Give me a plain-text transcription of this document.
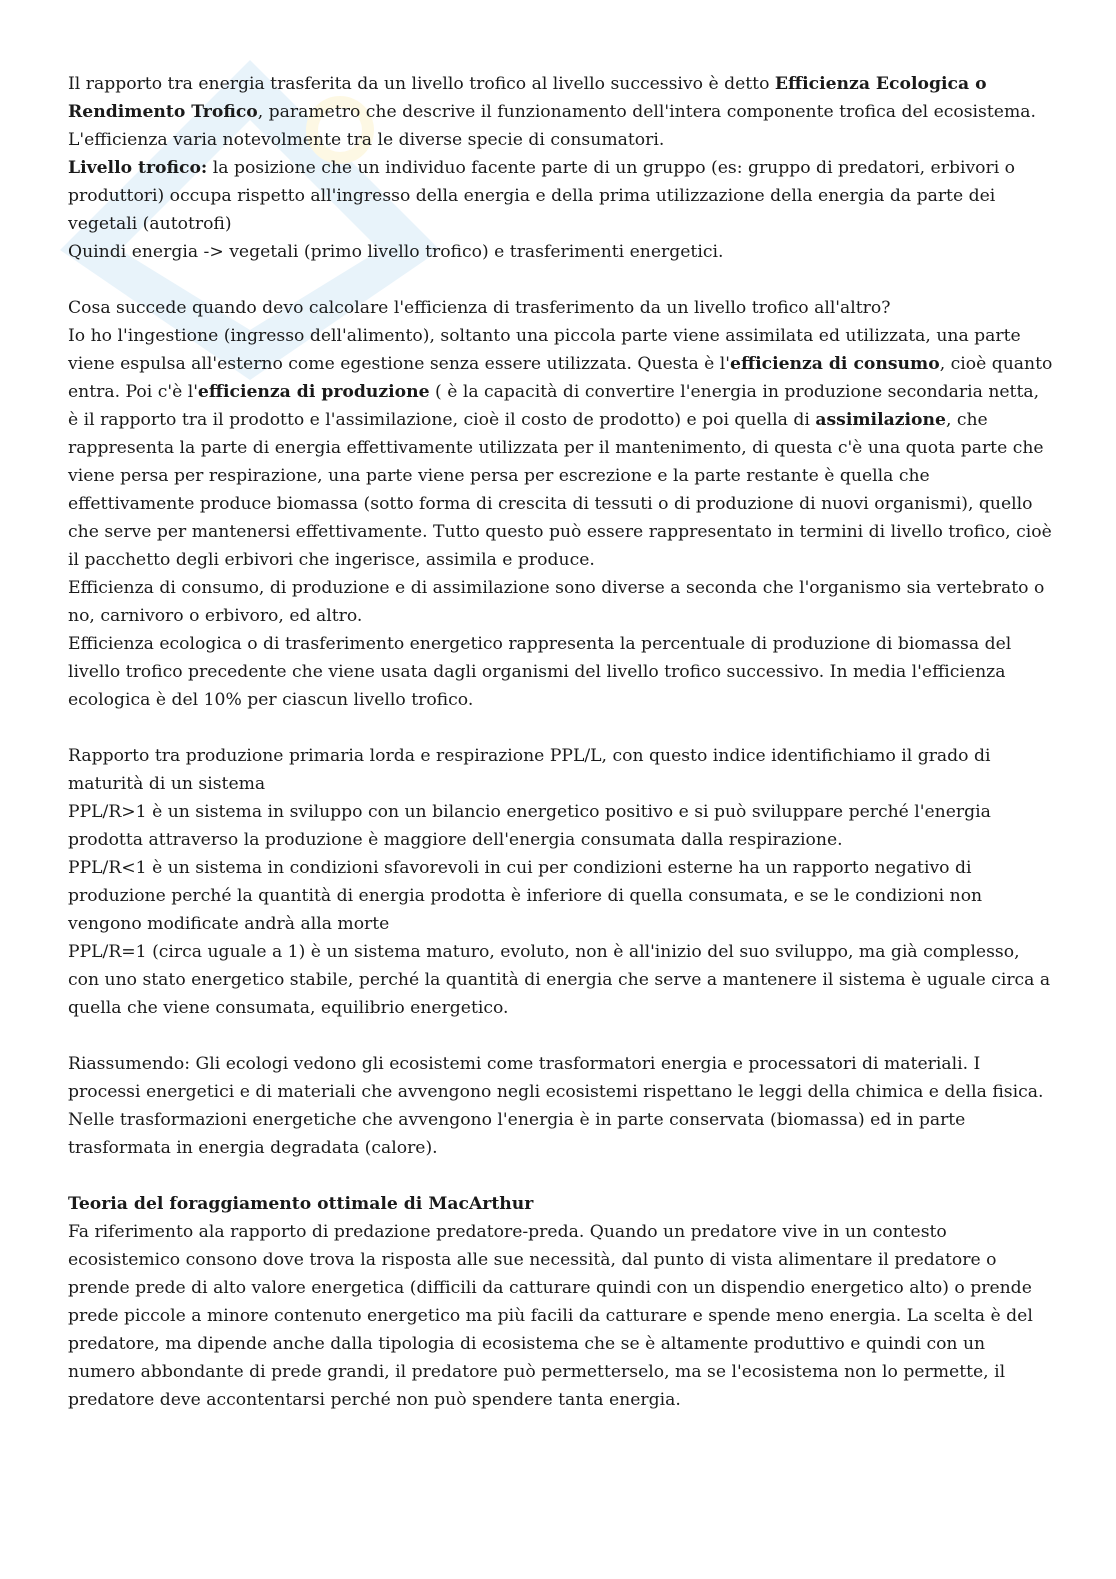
Il rapporto tra energia trasferita da un livello trofico al livello successivo è detto Efficienza Ecologica o Rendimento Trofico, parametro che descrive il funzionamento dell'intera componente trofica del ecosistema.

L'efficienza varia notevolmente tra le diverse specie di consumatori.

Livello trofico: la posizione che un individuo facente parte di un gruppo (es: gruppo di predatori, erbivori o produttori) occupa rispetto all'ingresso della energia e della prima utilizzazione della energia da parte dei vegetali (autotrofi)

Quindi energia -> vegetali (primo livello trofico) e trasferimenti energetici.

Cosa succede quando devo calcolare l'efficienza di trasferimento da un livello trofico all'altro?

Io ho l'ingestione (ingresso dell'alimento), soltanto una piccola parte viene assimilata ed utilizzata, una parte viene espulsa all'esterno come egestione senza essere utilizzata. Questa è l'efficienza di consumo, cioè quanto entra. Poi c'è l'efficienza di produzione ( è la capacità di convertire l'energia in produzione secondaria netta, è il rapporto tra il prodotto e l'assimilazione, cioè il costo de prodotto) e poi quella di assimilazione, che rappresenta la parte di energia effettivamente utilizzata per il mantenimento, di questa c'è una quota parte che viene persa per respirazione, una parte viene persa per escrezione e la parte restante è quella che effettivamente produce biomassa (sotto forma di crescita di tessuti o di produzione di nuovi organismi), quello che serve per mantenersi effettivamente. Tutto questo può essere rappresentato in termini di livello trofico, cioè il pacchetto degli erbivori che ingerisce, assimila e produce.

Efficienza di consumo, di produzione e di assimilazione sono diverse a seconda che l'organismo sia vertebrato o no, carnivoro o erbivoro, ed altro.

Efficienza ecologica o di trasferimento energetico rappresenta la percentuale di produzione di biomassa del livello trofico precedente che viene usata dagli organismi del livello trofico successivo. In media l'efficienza ecologica è del 10% per ciascun livello trofico.

Rapporto tra produzione primaria lorda e respirazione PPL/L, con questo indice identifichiamo il grado di maturità di un sistema

PPL/R>1 è un sistema in sviluppo con un bilancio energetico positivo e si può sviluppare perché l'energia prodotta attraverso la produzione è maggiore dell'energia consumata dalla respirazione.

PPL/R<1 è un sistema in condizioni sfavorevoli in cui per condizioni esterne ha un rapporto negativo di produzione perché la quantità di energia prodotta è inferiore di quella consumata, e se le condizioni non vengono modificate andrà alla morte

PPL/R=1 (circa uguale a 1) è un sistema maturo, evoluto, non è all'inizio del suo sviluppo, ma già complesso, con uno stato energetico stabile, perché la quantità di energia che serve a mantenere il sistema è uguale circa a quella che viene consumata, equilibrio energetico.

Riassumendo: Gli ecologi vedono gli ecosistemi come trasformatori energia e processatori di materiali. I processi energetici e di materiali che avvengono negli ecosistemi rispettano le leggi della chimica e della fisica. Nelle trasformazioni energetiche che avvengono l'energia è in parte conservata (biomassa) ed in parte trasformata in energia degradata (calore).

Teoria del foraggiamento ottimale di MacArthur

Fa riferimento ala rapporto di predazione predatore-preda. Quando un predatore vive in un contesto ecosistemico consono dove trova la risposta alle sue necessità, dal punto di vista alimentare il predatore o prende prede di alto valore energetica (difficili da catturare quindi con un dispendio energetico alto) o prende prede piccole a minore contenuto energetico ma più facili da catturare e spende meno energia. La scelta è del predatore, ma dipende anche dalla tipologia di ecosistema che se è altamente produttivo e quindi con un numero abbondante di prede grandi, il predatore può permetterselo, ma se l'ecosistema non lo permette, il predatore deve accontentarsi perché non può spendere tanta energia.
